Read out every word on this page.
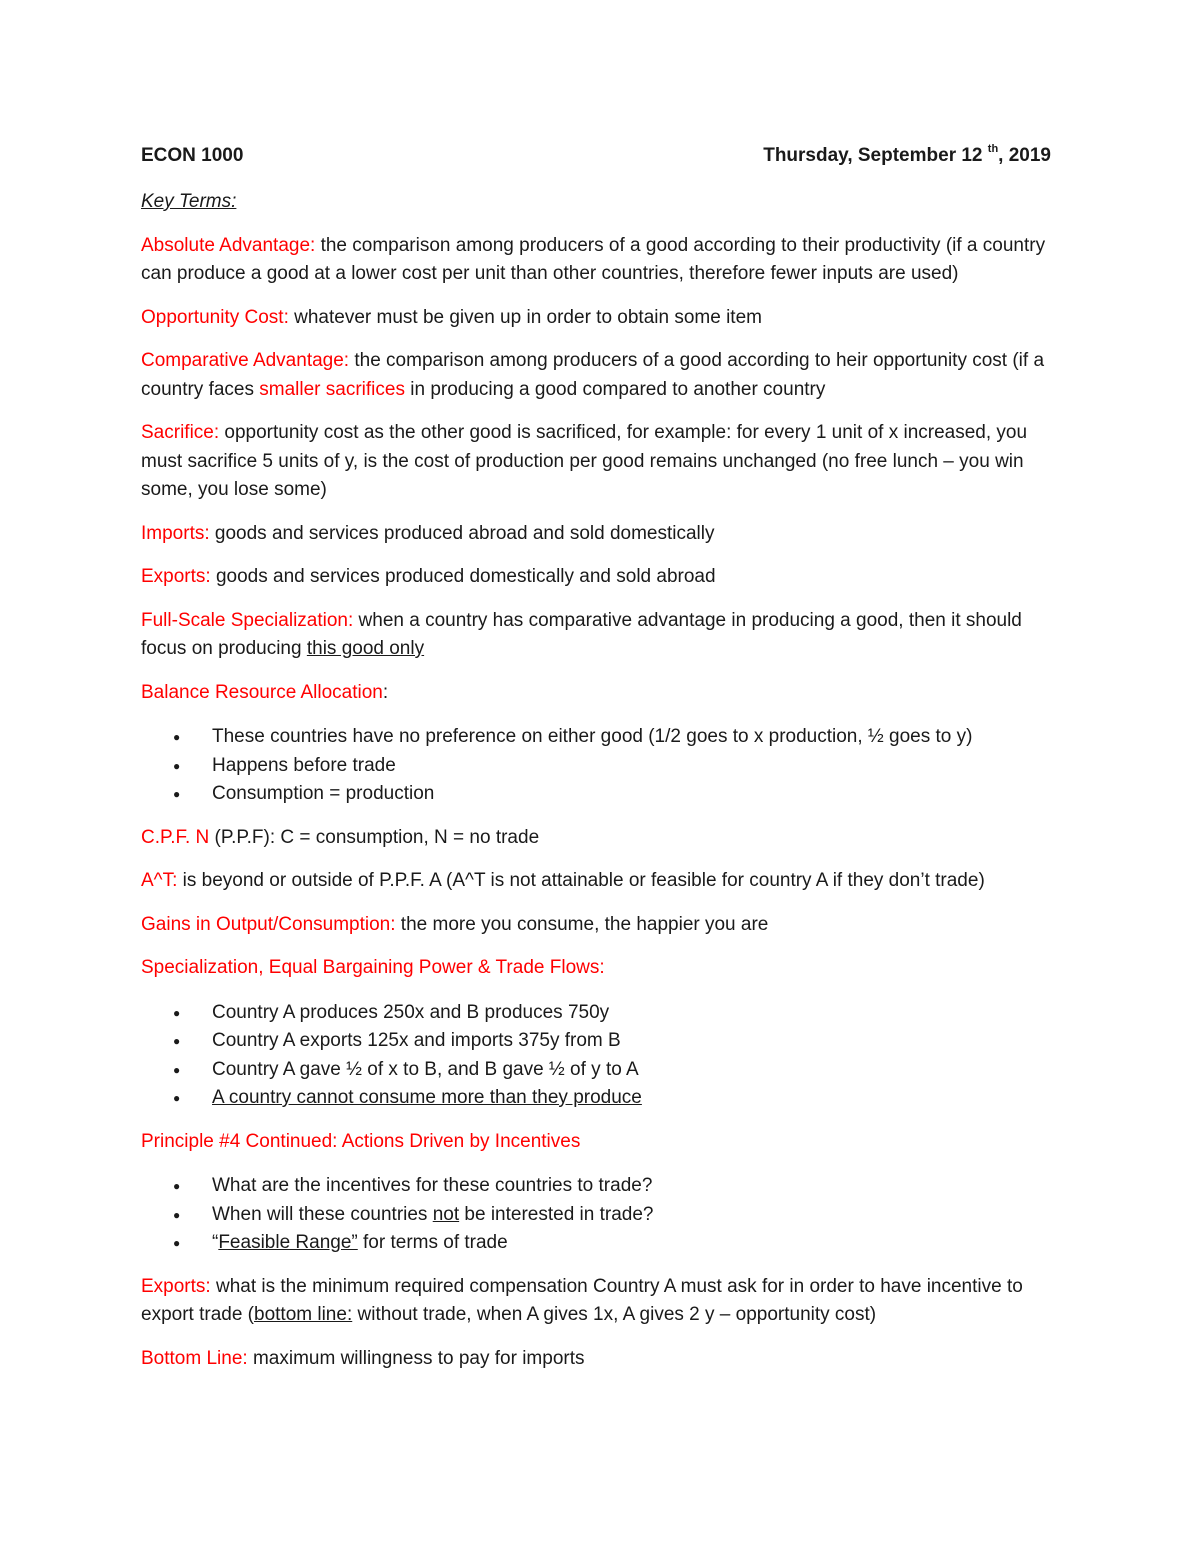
ECON 1000	Thursday, September 12 $^{th}$, 2019

Key Terms:

Absolute Advantage: the comparison among producers of a good according to their productivity (if a country can produce a good at a lower cost per unit than other countries, therefore fewer inputs are used)

Opportunity Cost: whatever must be given up in order to obtain some item

Comparative Advantage: the comparison among producers of a good according to heir opportunity cost (if a country faces smaller sacrifices in producing a good compared to another country

Sacrifice: opportunity cost as the other good is sacrificed, for example: for every 1 unit of x increased, you must sacrifice 5 units of y, is the cost of production per good remains unchanged (no free lunch – you win some, you lose some)

Imports: goods and services produced abroad and sold domestically

Exports: goods and services produced domestically and sold abroad

Full-Scale Specialization: when a country has comparative advantage in producing a good, then it should focus on producing this good only

Balance Resource Allocation:

● These countries have no preference on either good (1/2 goes to x production, ½ goes to y)
● Happens before trade
● Consumption = production

C.P.F. N (P.P.F): C = consumption, N = no trade

A^T: is beyond or outside of P.P.F. A (A^T is not attainable or feasible for country A if they don’t trade)

Gains in Output/Consumption: the more you consume, the happier you are

Specialization, Equal Bargaining Power & Trade Flows:

● Country A produces 250x and B produces 750y
● Country A exports 125x and imports 375y from B
● Country A gave ½ of x to B, and B gave ½ of y to A
● A country cannot consume more than they produce

Principle #4 Continued: Actions Driven by Incentives

● What are the incentives for these countries to trade?
● When will these countries not be interested in trade?
● “Feasible Range” for terms of trade

Exports: what is the minimum required compensation Country A must ask for in order to have incentive to export trade (bottom line: without trade, when A gives 1x, A gives 2 y – opportunity cost)

Bottom Line: maximum willingness to pay for imports
